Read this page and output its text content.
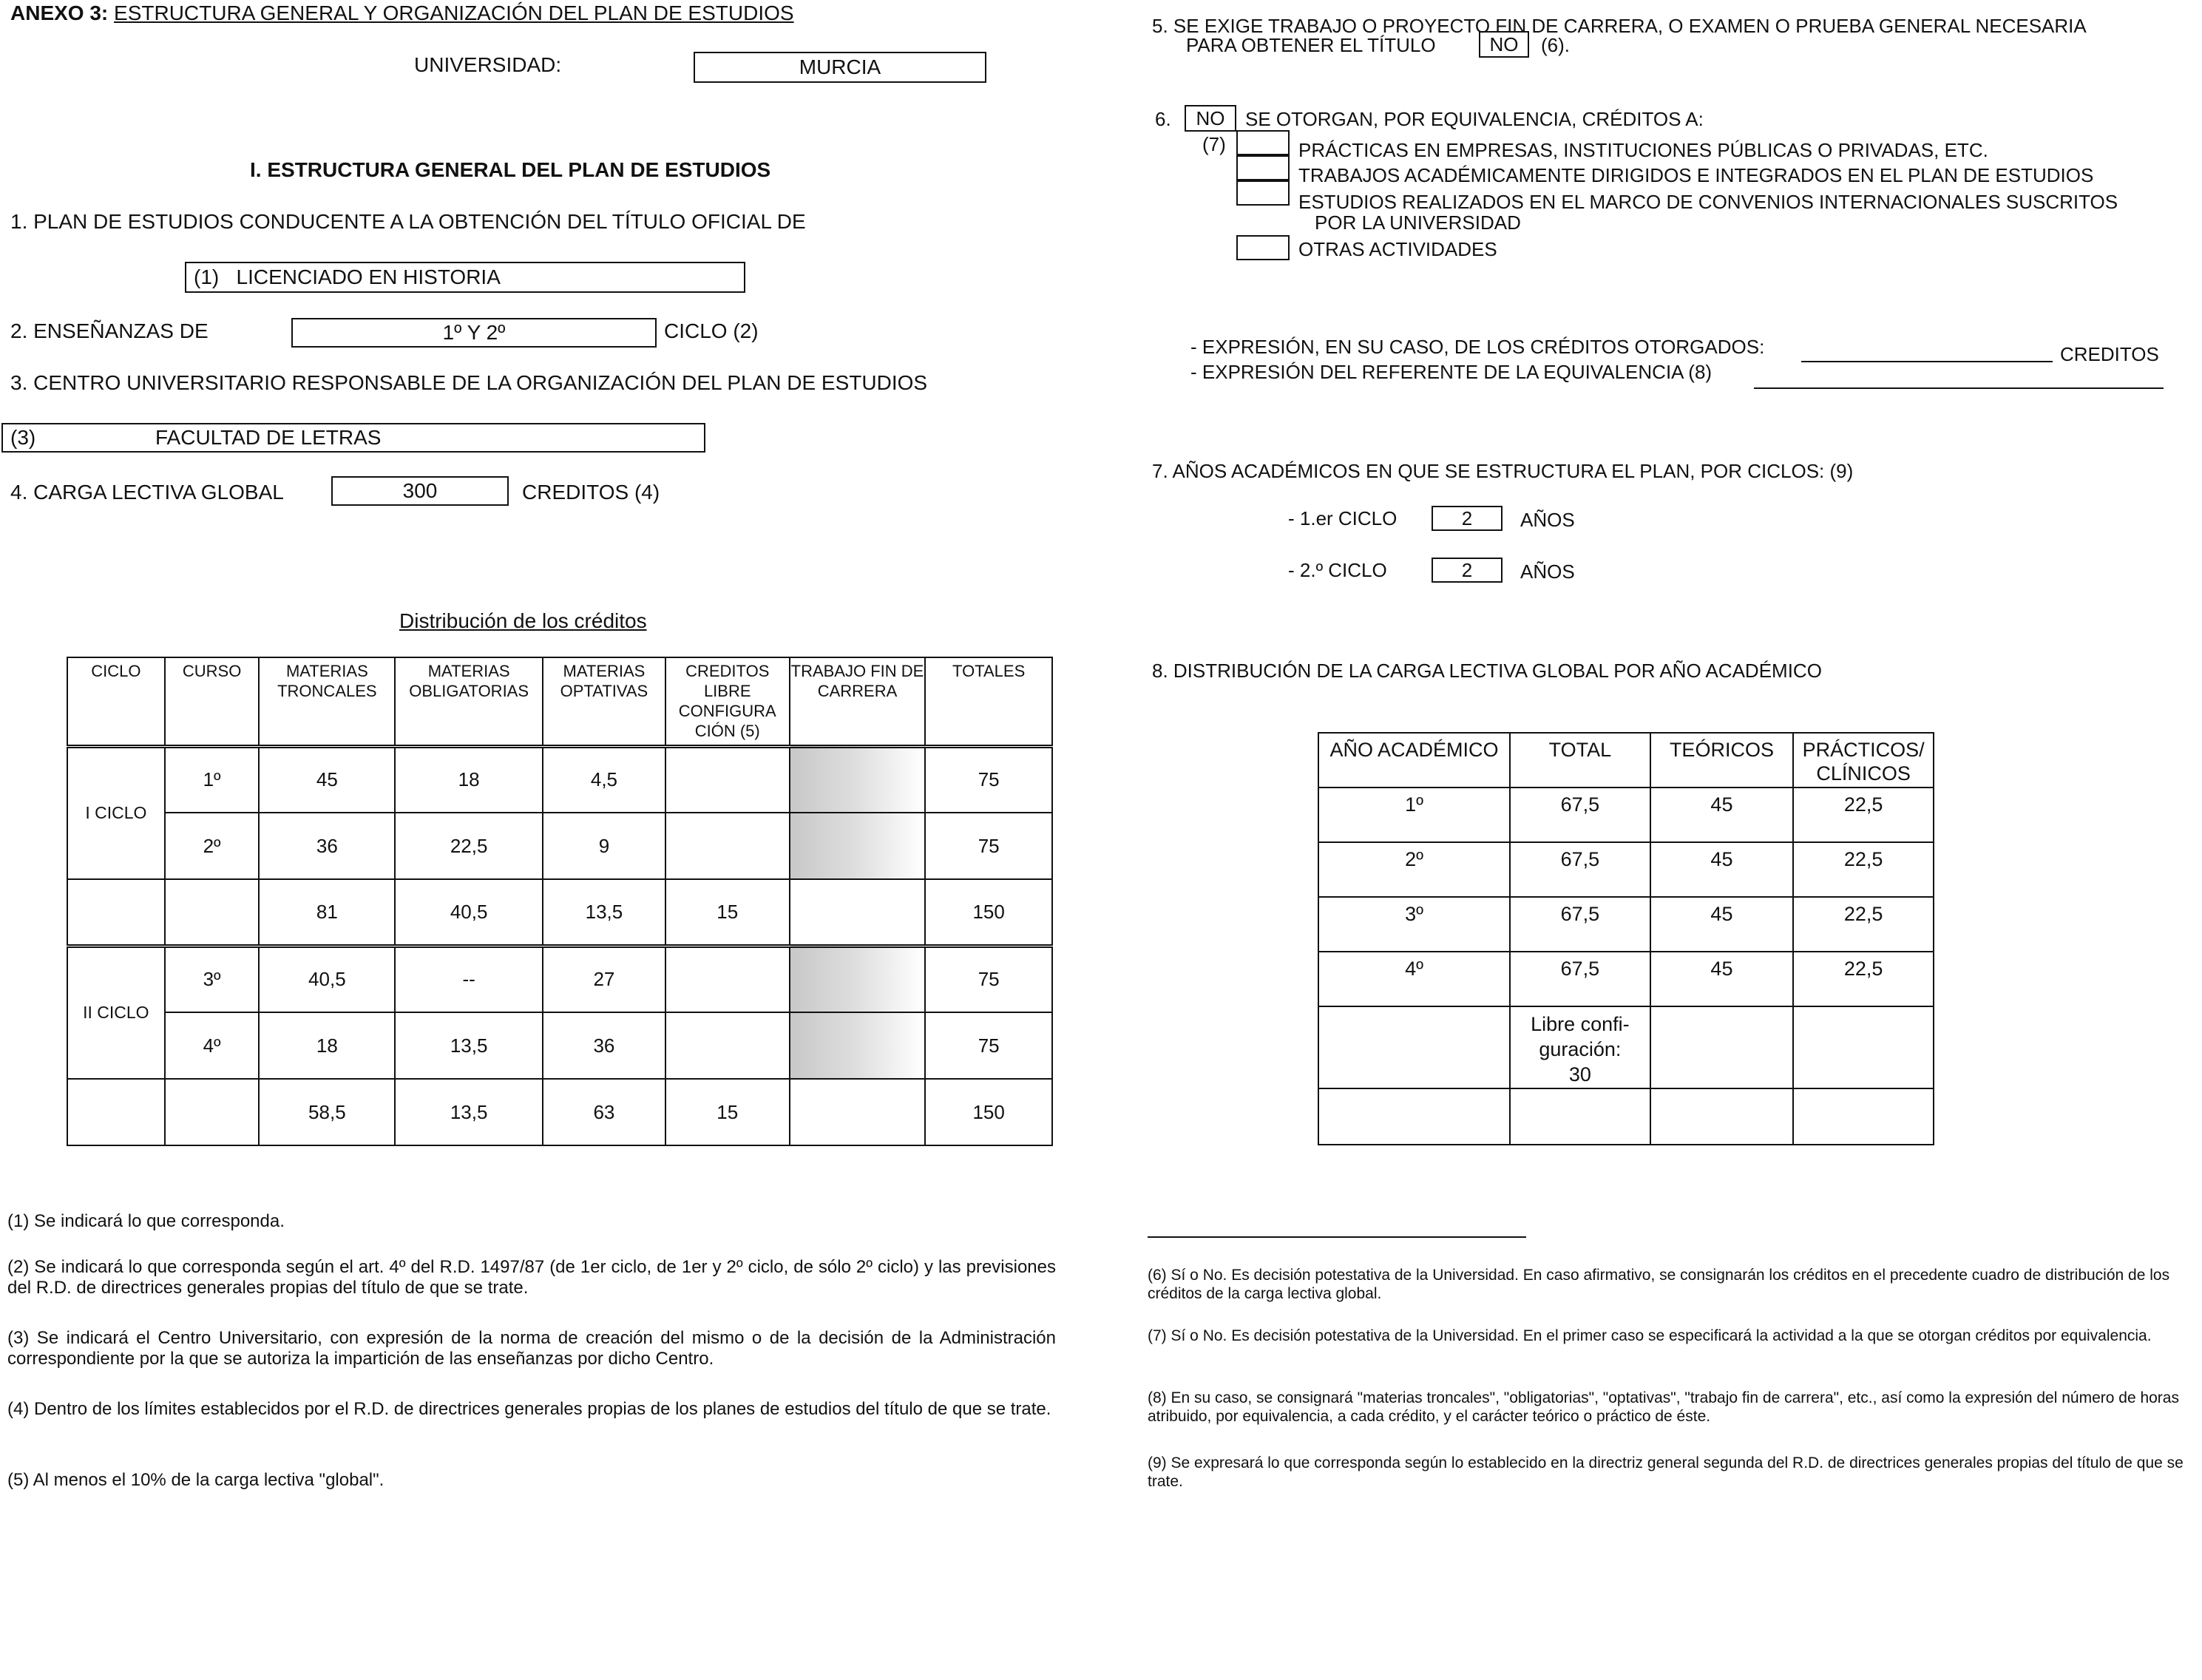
ANEXO 3: ESTRUCTURA GENERAL Y ORGANIZACIÓN DEL PLAN DE ESTUDIOS
UNIVERSIDAD:	MURCIA
I. ESTRUCTURA GENERAL DEL PLAN DE ESTUDIOS
1. PLAN DE ESTUDIOS CONDUCENTE A LA OBTENCIÓN DEL TÍTULO OFICIAL DE
(1)   LICENCIADO EN HISTORIA
2. ENSEÑANZAS DE	1º Y 2º	CICLO (2)
3. CENTRO UNIVERSITARIO RESPONSABLE DE LA ORGANIZACIÓN DEL PLAN DE ESTUDIOS
(3)	FACULTAD DE LETRAS
4. CARGA LECTIVA GLOBAL	300	CREDITOS (4)
Distribución de los créditos
CICLO	CURSO	MATERIAS TRONCALES	MATERIAS OBLIGATORIAS	MATERIAS OPTATIVAS	CREDITOS LIBRE CONFIGURA CIÓN (5)	TRABAJO FIN DE CARRERA	TOTALES
I CICLO	1º	45	18	4,5			75
	2º	36	22,5	9			75
		81	40,5	13,5	15		150
II CICLO	3º	40,5	--	27			75
	4º	18	13,5	36			75
		58,5	13,5	63	15		150
(1) Se indicará lo que corresponda.
(2) Se indicará lo que corresponda según el art. 4º del R.D. 1497/87 (de 1er ciclo, de 1er y 2º ciclo, de sólo 2º ciclo) y las previsiones del R.D. de directrices generales propias del título de que se trate.
(3) Se indicará el Centro Universitario, con expresión de la norma de creación del mismo o de la decisión de la Administración correspondiente por la que se autoriza la impartición de las enseñanzas por dicho Centro.
(4) Dentro de los límites establecidos por el R.D. de directrices generales propias de los planes de estudios del título de que se trate.
(5) Al menos el 10% de la carga lectiva "global".
5. SE EXIGE TRABAJO O PROYECTO FIN DE CARRERA, O EXAMEN O PRUEBA GENERAL NECESARIA
PARA OBTENER EL TÍTULO	NO (6).
6. NO SE OTORGAN, POR EQUIVALENCIA, CRÉDITOS A:
(7)	PRÁCTICAS EN EMPRESAS, INSTITUCIONES PÚBLICAS O PRIVADAS, ETC.
TRABAJOS ACADÉMICAMENTE DIRIGIDOS E INTEGRADOS EN EL PLAN DE ESTUDIOS
ESTUDIOS REALIZADOS EN EL MARCO DE CONVENIOS INTERNACIONALES SUSCRITOS
POR LA UNIVERSIDAD
OTRAS ACTIVIDADES
- EXPRESIÓN, EN SU CASO, DE LOS CRÉDITOS OTORGADOS:	CREDITOS
- EXPRESIÓN DEL REFERENTE DE LA EQUIVALENCIA (8)
7. AÑOS ACADÉMICOS EN QUE SE ESTRUCTURA EL PLAN, POR CICLOS: (9)
- 1.er CICLO	2 AÑOS
- 2.º CICLO	2 AÑOS
8. DISTRIBUCIÓN DE LA CARGA LECTIVA GLOBAL POR AÑO ACADÉMICO
AÑO ACADÉMICO	TOTAL	TEÓRICOS	PRÁCTICOS/ CLÍNICOS
1º	67,5	45	22,5
2º	67,5	45	22,5
3º	67,5	45	22,5
4º	67,5	45	22,5
	Libre confi- guración: 30		

(6) Sí o No. Es decisión potestativa de la Universidad. En caso afirmativo, se consignarán los créditos en el precedente cuadro de distribución de los créditos de la carga lectiva global.
(7) Sí o No. Es decisión potestativa de la Universidad. En el primer caso se especificará la actividad a la que se otorgan créditos por equivalencia.
(8) En su caso, se consignará "materias troncales", "obligatorias", "optativas", "trabajo fin de carrera", etc., así como la expresión del número de horas atribuido, por equivalencia, a cada crédito, y el carácter teórico o práctico de éste.
(9) Se expresará lo que corresponda según lo establecido en la directriz general segunda del R.D. de directrices generales propias del título de que se trate.
